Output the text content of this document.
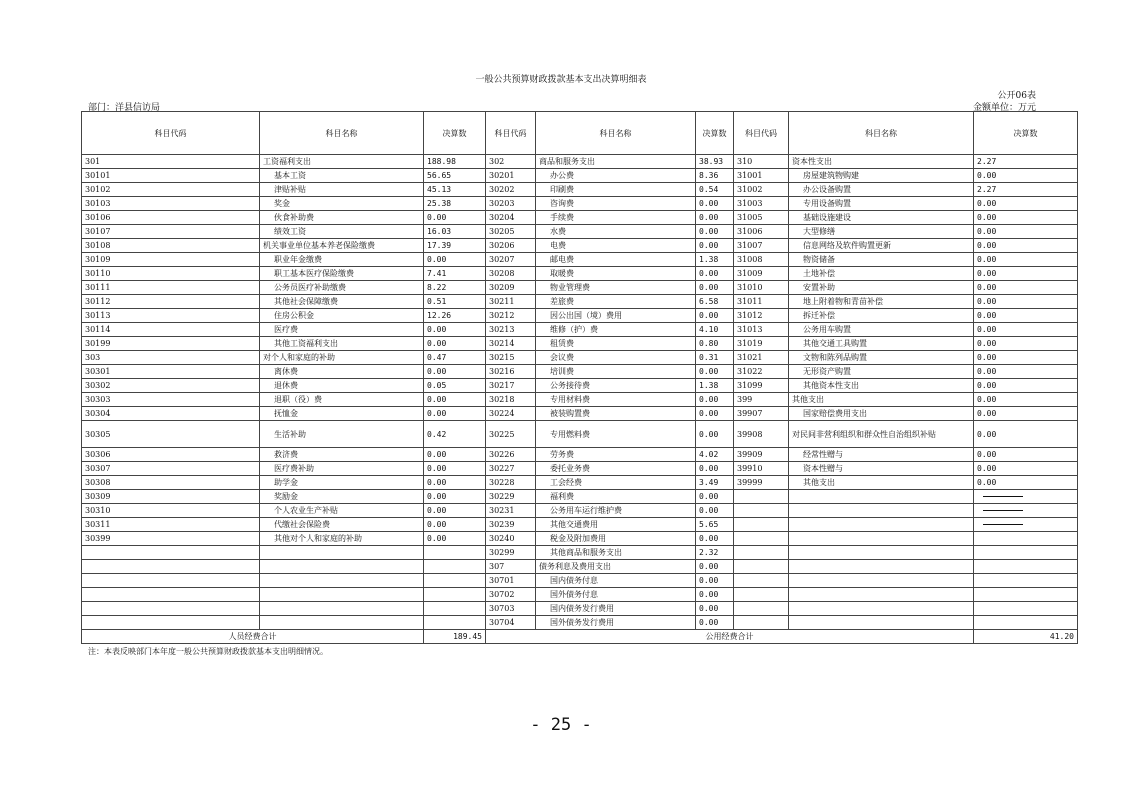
一般公共预算财政拨款基本支出决算明细表
公开06表
部门：洋县信访局	金额单位：万元
科目代码	科目名称	决算数	科目代码	科目名称	决算数	科目代码	科目名称	决算数
301	工资福利支出	188.98	302	商品和服务支出	38.93	310	资本性支出	2.27
30101	基本工资	56.65	30201	办公费	8.36	31001	房屋建筑物购建	0.00
30102	津贴补贴	45.13	30202	印刷费	0.54	31002	办公设备购置	2.27
30103	奖金	25.38	30203	咨询费	0.00	31003	专用设备购置	0.00
30106	伙食补助费	0.00	30204	手续费	0.00	31005	基础设施建设	0.00
30107	绩效工资	16.03	30205	水费	0.00	31006	大型修缮	0.00
30108	机关事业单位基本养老保险缴费	17.39	30206	电费	0.00	31007	信息网络及软件购置更新	0.00
30109	职业年金缴费	0.00	30207	邮电费	1.38	31008	物资储备	0.00
30110	职工基本医疗保险缴费	7.41	30208	取暖费	0.00	31009	土地补偿	0.00
30111	公务员医疗补助缴费	8.22	30209	物业管理费	0.00	31010	安置补助	0.00
30112	其他社会保障缴费	0.51	30211	差旅费	6.58	31011	地上附着物和青苗补偿	0.00
30113	住房公积金	12.26	30212	因公出国（境）费用	0.00	31012	拆迁补偿	0.00
30114	医疗费	0.00	30213	维修（护）费	4.10	31013	公务用车购置	0.00
30199	其他工资福利支出	0.00	30214	租赁费	0.80	31019	其他交通工具购置	0.00
303	对个人和家庭的补助	0.47	30215	会议费	0.31	31021	文物和陈列品购置	0.00
30301	离休费	0.00	30216	培训费	0.00	31022	无形资产购置	0.00
30302	退休费	0.05	30217	公务接待费	1.38	31099	其他资本性支出	0.00
30303	退职（役）费	0.00	30218	专用材料费	0.00	399	其他支出	0.00
30304	抚恤金	0.00	30224	被装购置费	0.00	39907	国家赔偿费用支出	0.00
30305	生活补助	0.42	30225	专用燃料费	0.00	39908	对民间非营利组织和群众性自治组织补贴	0.00
30306	救济费	0.00	30226	劳务费	4.02	39909	经常性赠与	0.00
30307	医疗费补助	0.00	30227	委托业务费	0.00	39910	资本性赠与	0.00
30308	助学金	0.00	30228	工会经费	3.49	39999	其他支出	0.00
30309	奖励金	0.00	30229	福利费	0.00			

30310	个人农业生产补贴	0.00	30231	公务用车运行维护费	0.00			

30311	代缴社会保险费	0.00	30239	其他交通费用	5.65			

30399	其他对个人和家庭的补助	0.00	30240	税金及附加费用	0.00			
			30299	其他商品和服务支出	2.32			
			307	债务利息及费用支出	0.00			
			30701	国内债务付息	0.00			
			30702	国外债务付息	0.00			
			30703	国内债务发行费用	0.00			
			30704	国外债务发行费用	0.00			
人员经费合计		189.45	公用经费合计					41.20
注：本表反映部门本年度一般公共预算财政拨款基本支出明细情况。
- 25 -
